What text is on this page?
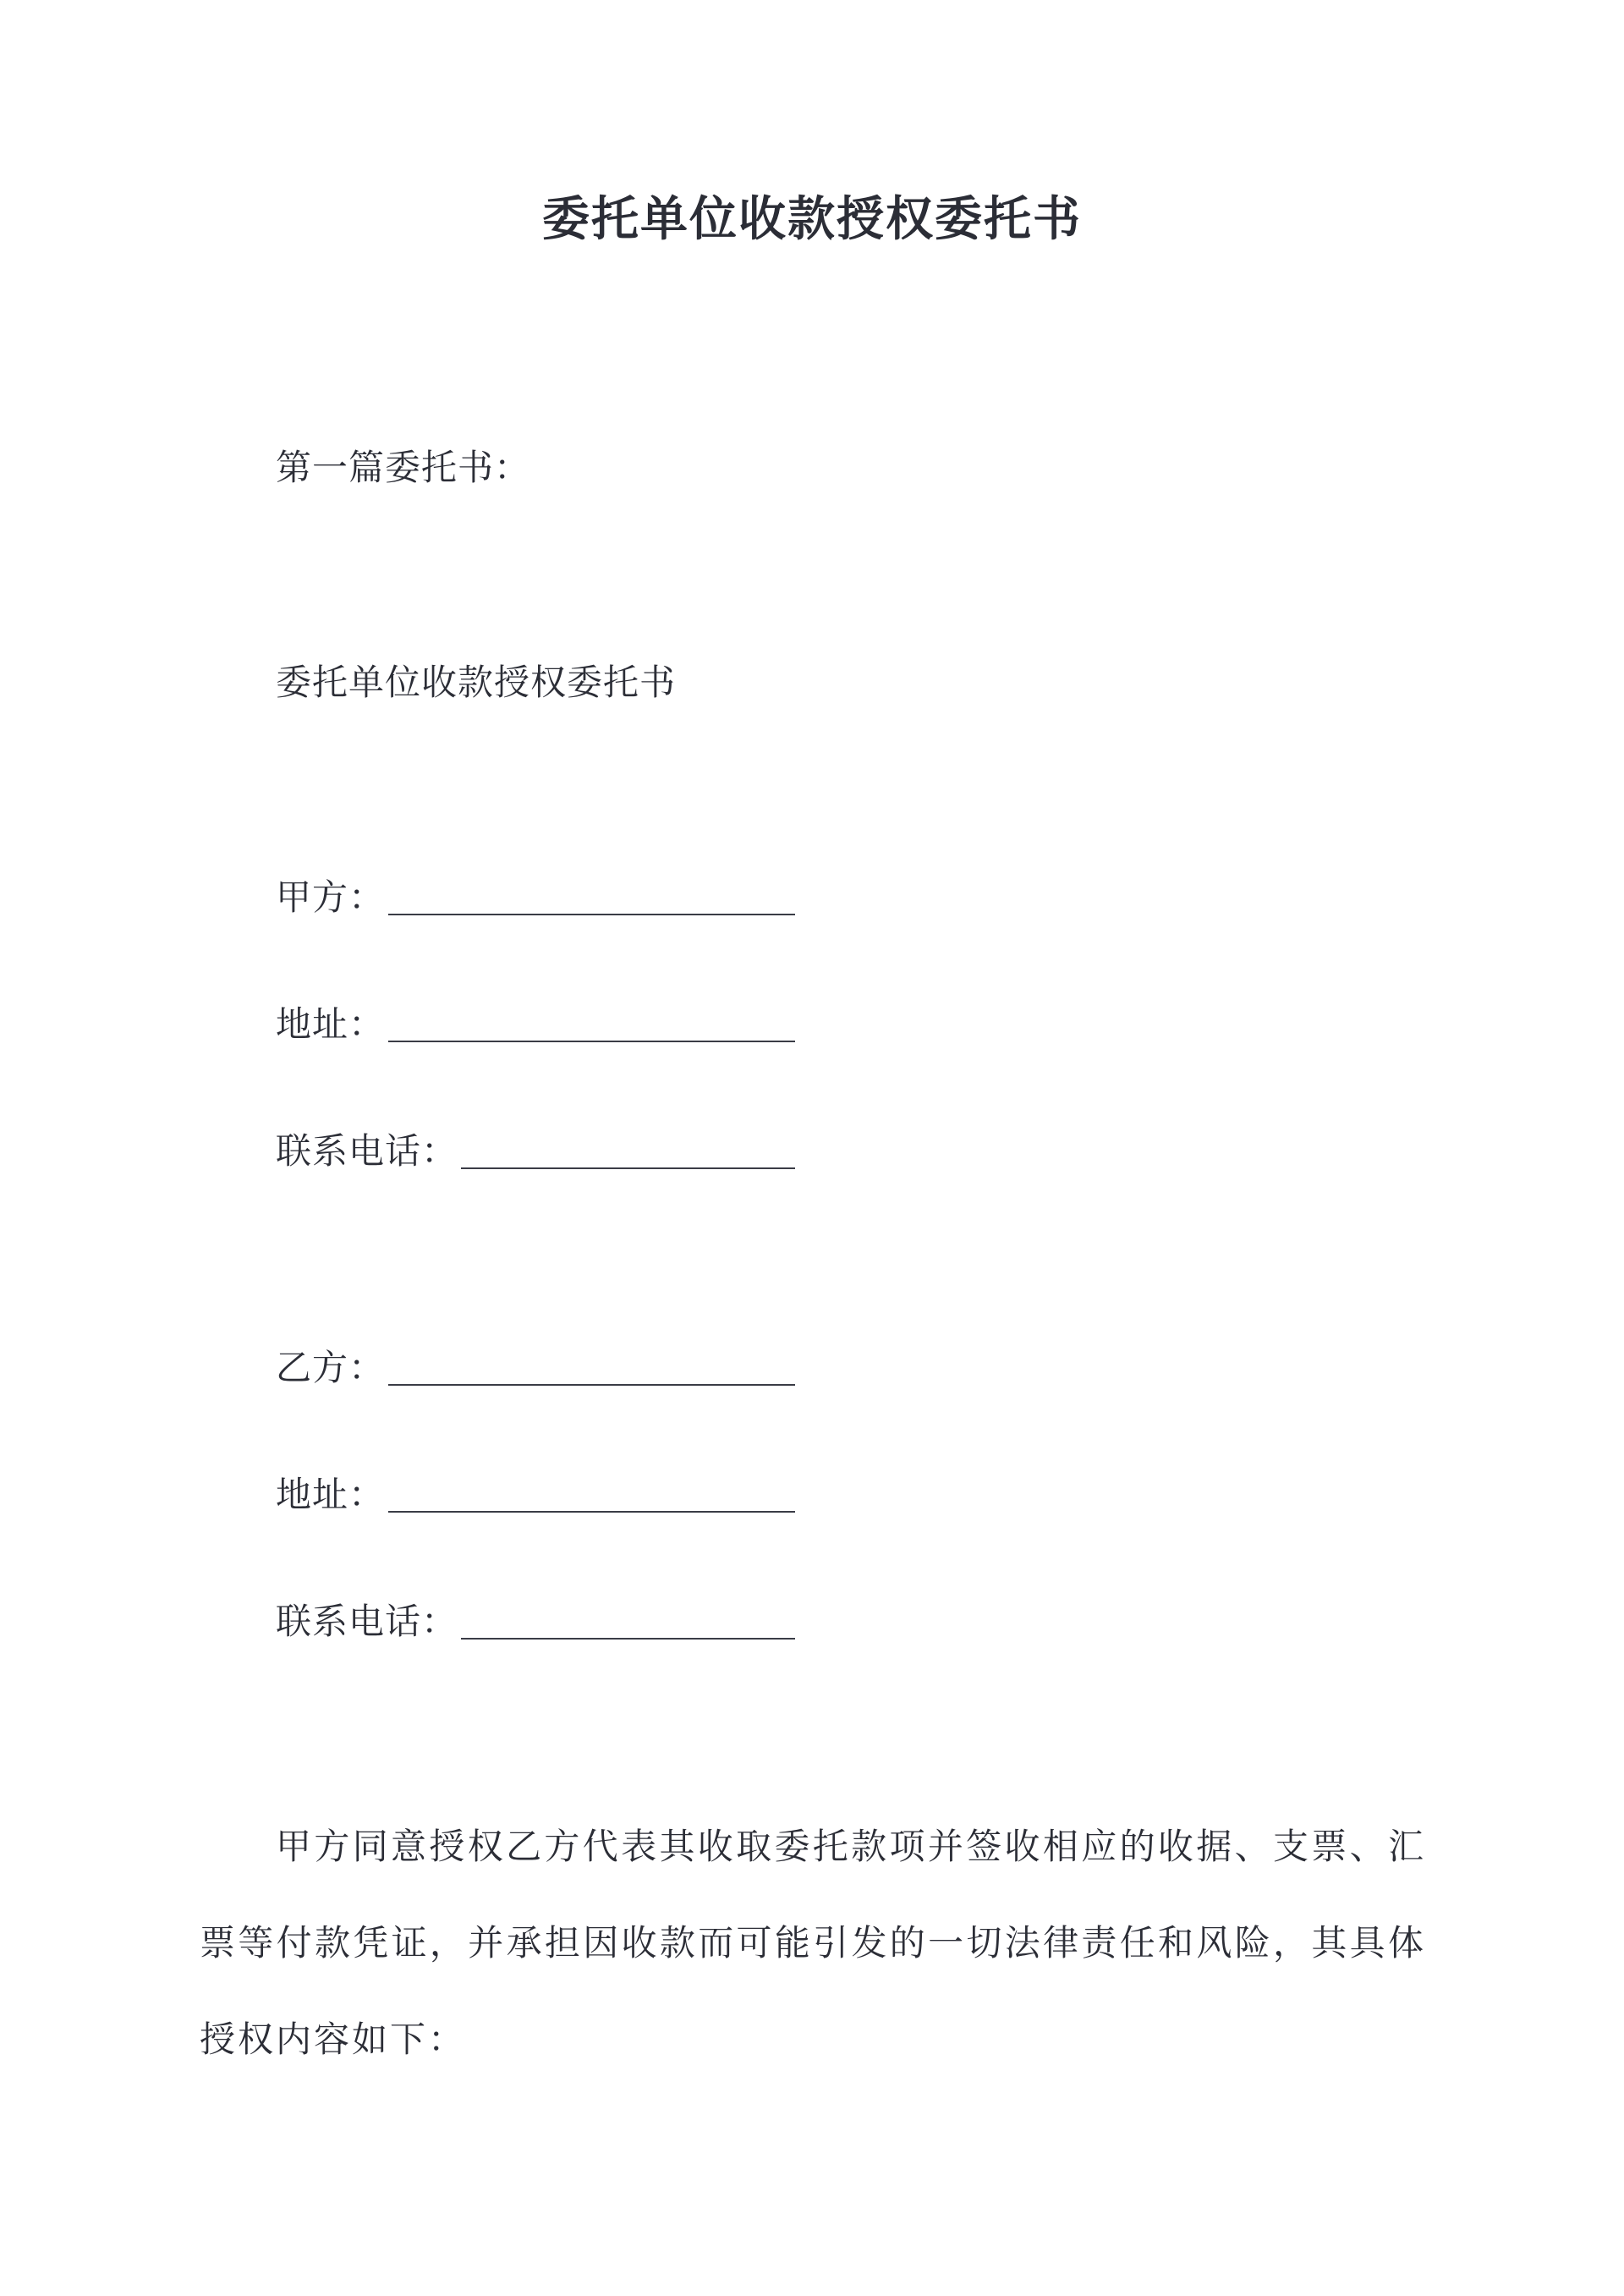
委托单位收款授权委托书
第一篇委托书：
委托单位收款授权委托书
甲方：
地址：
联系电话：
乙方：
地址：
联系电话：

甲方同意授权乙方代表其收取委托款项并签收相应的收据、支票、汇票等付款凭证，并承担因收款而可能引发的一切法律责任和风险，其具体授权内容如下：
